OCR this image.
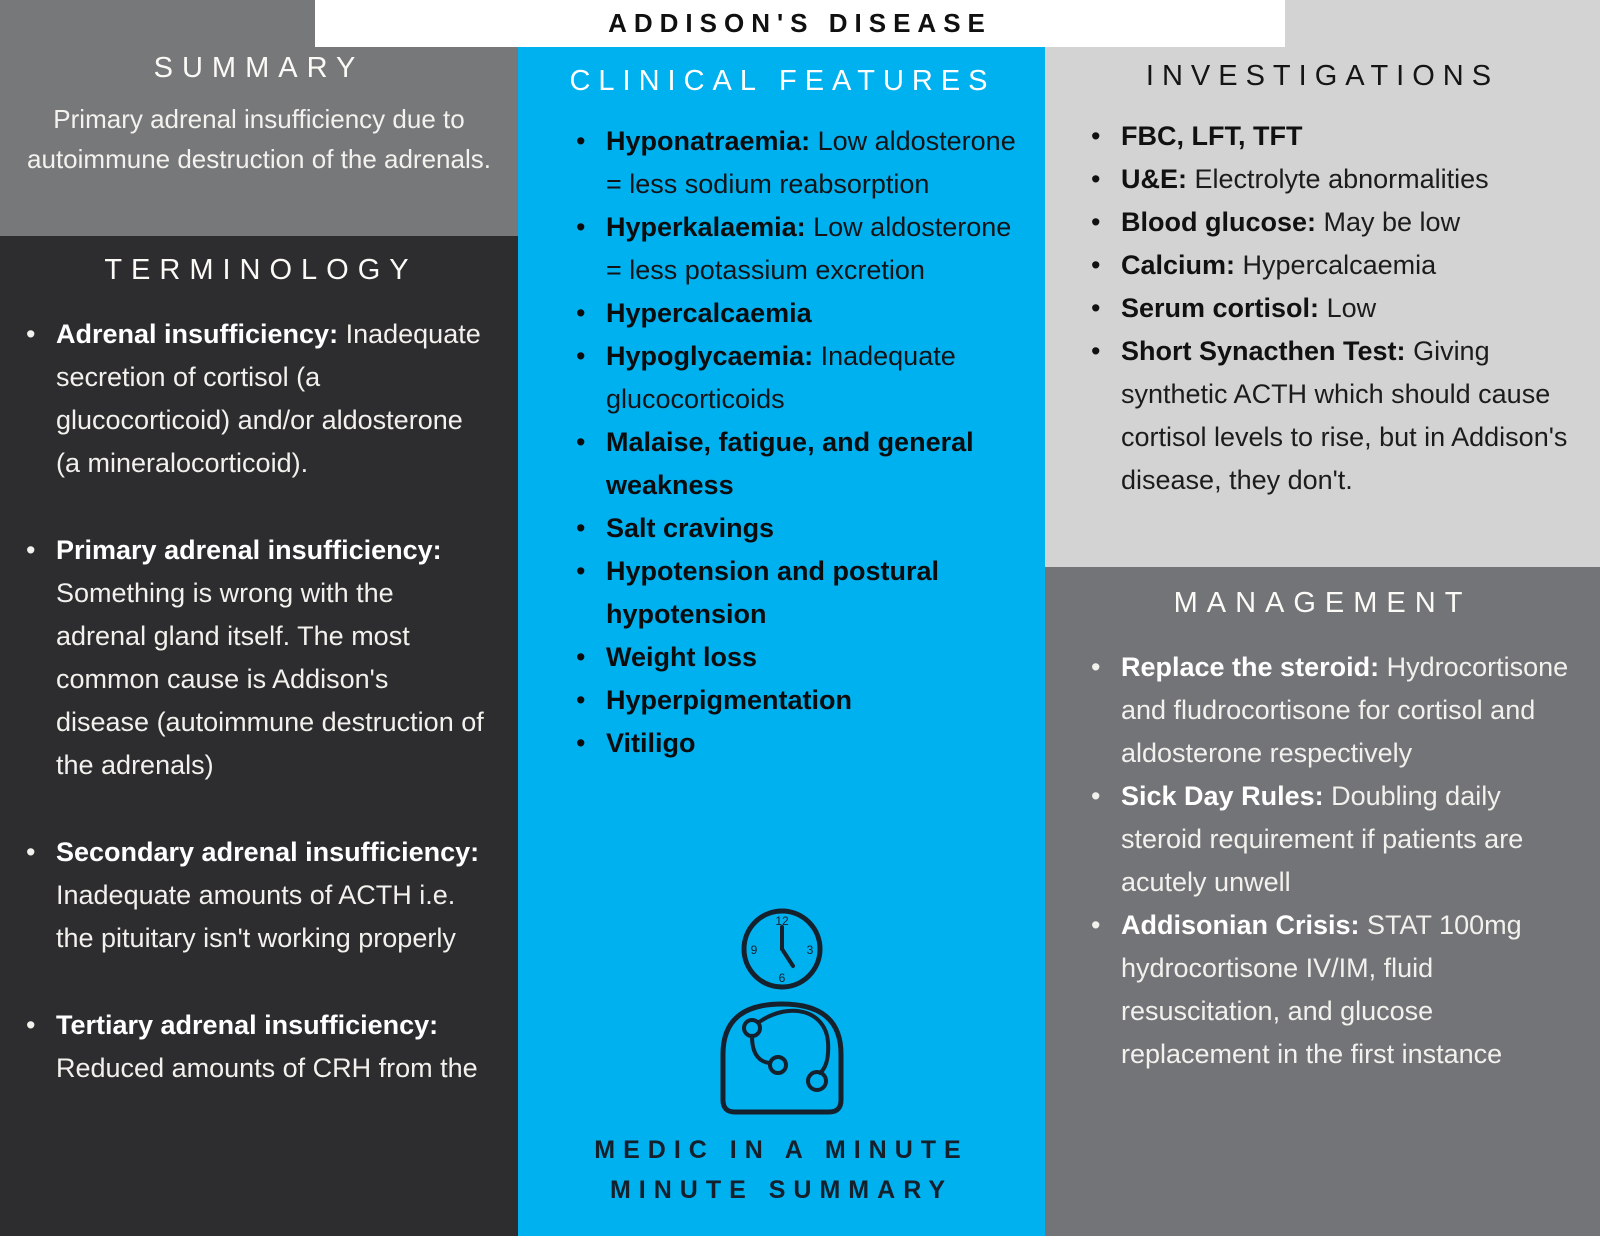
ADDISON'S DISEASE
SUMMARY
Primary adrenal insufficiency due to autoimmune destruction of the adrenals.
TERMINOLOGY
• Adrenal insufficiency: Inadequate secretion of cortisol (a glucocorticoid) and/or aldosterone (a mineralocorticoid).
• Primary adrenal insufficiency: Something is wrong with the adrenal gland itself. The most common cause is Addison's disease (autoimmune destruction of the adrenals)
• Secondary adrenal insufficiency: Inadequate amounts of ACTH i.e. the pituitary isn't working properly
• Tertiary adrenal insufficiency: Reduced amounts of CRH from the
CLINICAL FEATURES
• Hyponatraemia: Low aldosterone = less sodium reabsorption
• Hyperkalaemia: Low aldosterone = less potassium excretion
• Hypercalcaemia
• Hypoglycaemia: Inadequate glucocorticoids
• Malaise, fatigue, and general weakness
• Salt cravings
• Hypotension and postural hypotension
• Weight loss
• Hyperpigmentation
• Vitiligo
12
3
6
9
MEDIC IN A MINUTE
MINUTE SUMMARY
INVESTIGATIONS
• FBC, LFT, TFT
• U&E: Electrolyte abnormalities
• Blood glucose: May be low
• Calcium: Hypercalcaemia
• Serum cortisol: Low
• Short Synacthen Test: Giving synthetic ACTH which should cause cortisol levels to rise, but in Addison's disease, they don't.
MANAGEMENT
• Replace the steroid: Hydrocortisone and fludrocortisone for cortisol and aldosterone respectively
• Sick Day Rules: Doubling daily steroid requirement if patients are acutely unwell
• Addisonian Crisis: STAT 100mg hydrocortisone IV/IM, fluid resuscitation, and glucose replacement in the first instance
